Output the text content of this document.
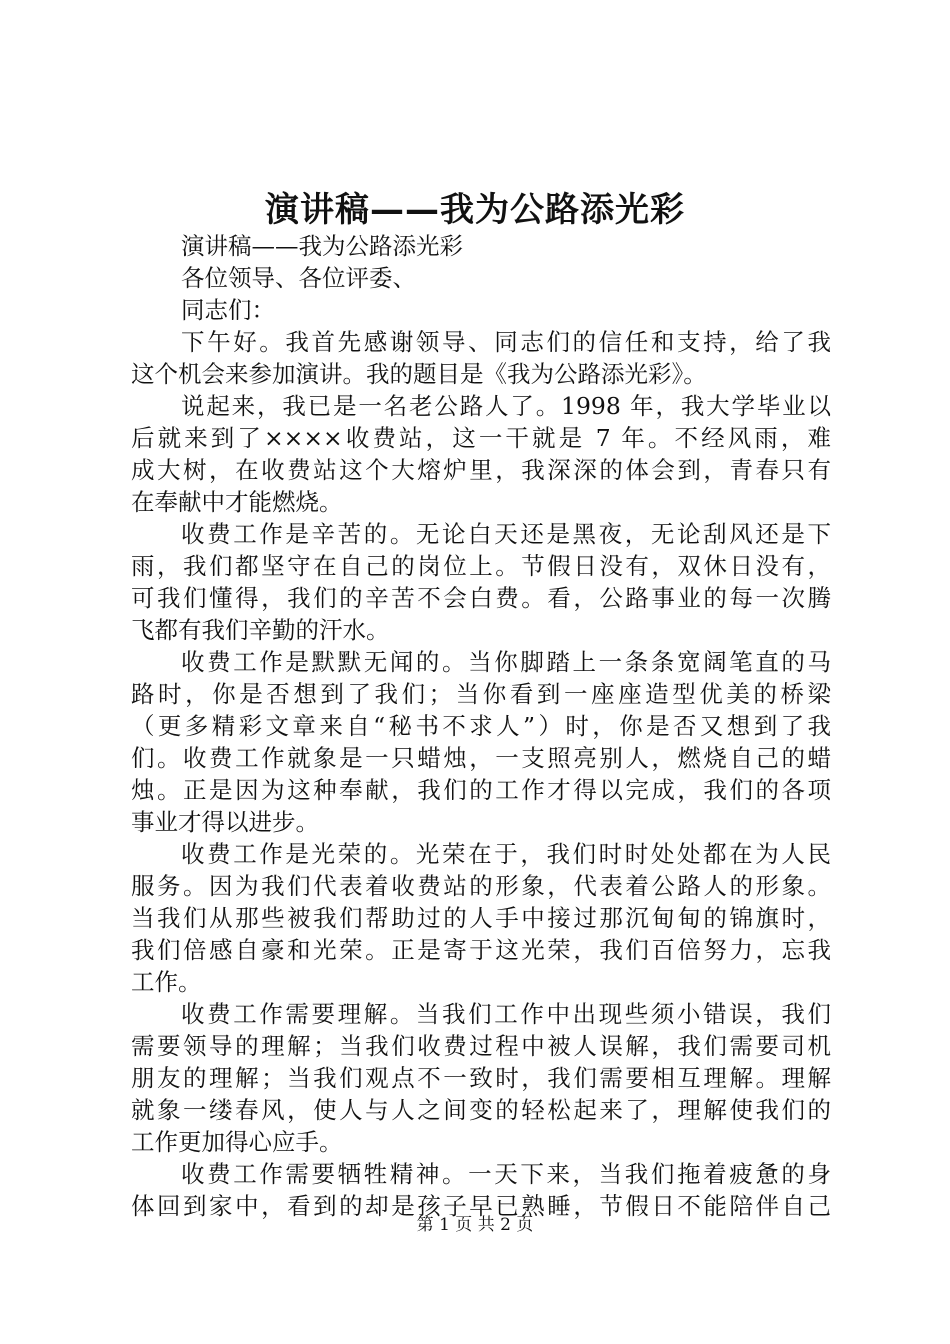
演讲稿——我为公路添光彩

演讲稿——我为公路添光彩

各位领导、各位评委、

同志们：

下午好。我首先感谢领导、同志们的信任和支持，给了我

这个机会来参加演讲。我的题目是《我为公路添光彩》。

说起来，我已是一名老公路人了。1998 年，我大学毕业以

后就来到了××××收费站，这一干就是 7 年。不经风雨，难

成大树，在收费站这个大熔炉里，我深深的体会到，青春只有

在奉献中才能燃烧。

收费工作是辛苦的。无论白天还是黑夜，无论刮风还是下

雨，我们都坚守在自己的岗位上。节假日没有，双休日没有，

可我们懂得，我们的辛苦不会白费。看，公路事业的每一次腾

飞都有我们辛勤的汗水。

收费工作是默默无闻的。当你脚踏上一条条宽阔笔直的马

路时，你是否想到了我们；当你看到一座座造型优美的桥梁

（更多精彩文章来自“秘书不求人”）时，你是否又想到了我

们。收费工作就象是一只蜡烛，一支照亮别人，燃烧自己的蜡

烛。正是因为这种奉献，我们的工作才得以完成，我们的各项

事业才得以进步。

收费工作是光荣的。光荣在于，我们时时处处都在为人民

服务。因为我们代表着收费站的形象，代表着公路人的形象。

当我们从那些被我们帮助过的人手中接过那沉甸甸的锦旗时，

我们倍感自豪和光荣。正是寄于这光荣，我们百倍努力，忘我

工作。

收费工作需要理解。当我们工作中出现些须小错误，我们

需要领导的理解；当我们收费过程中被人误解，我们需要司机

朋友的理解；当我们观点不一致时，我们需要相互理解。理解

就象一缕春风，使人与人之间变的轻松起来了，理解使我们的

工作更加得心应手。

收费工作需要牺牲精神。一天下来，当我们拖着疲惫的身

体回到家中，看到的却是孩子早已熟睡，节假日不能陪伴自己

第 1 页 共 2 页
